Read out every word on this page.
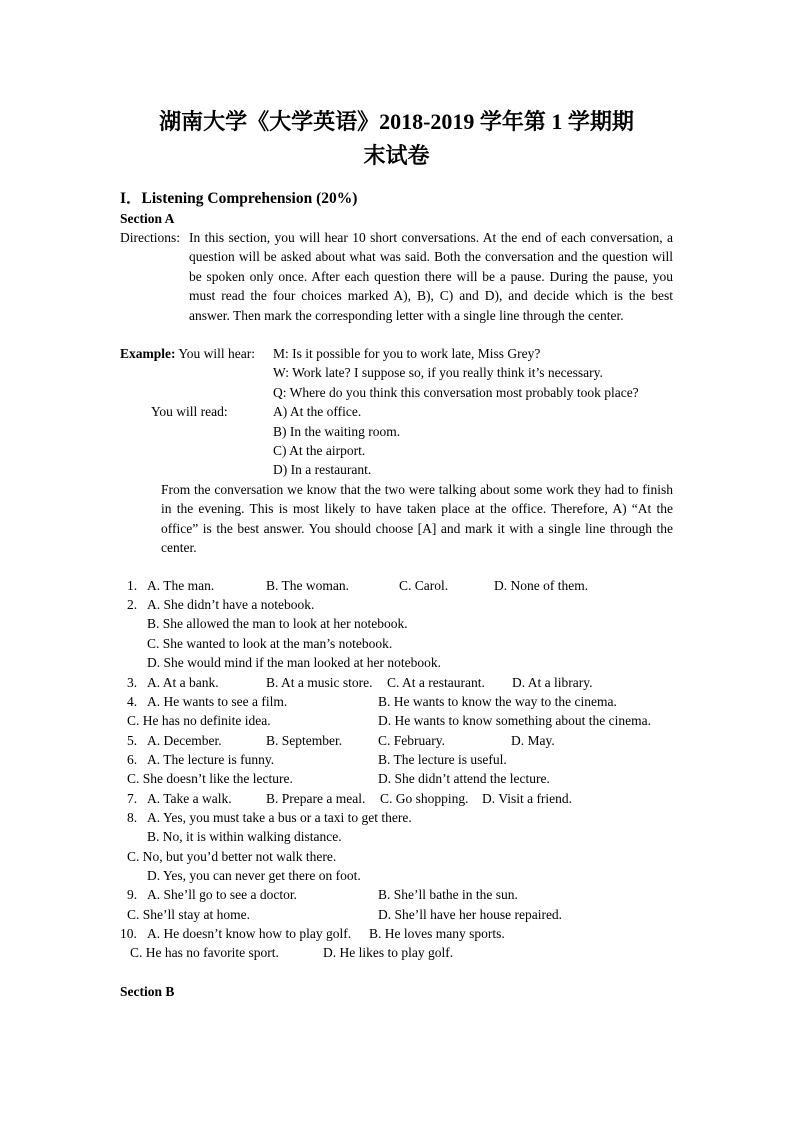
湖南大学《大学英语》2018-2019 学年第 1 学期期
末试卷
I．Listening Comprehension (20%)
Section A
Directions: In this section, you will hear 10 short conversations. At the end of each conversation, a question will be asked about what was said. Both the conversation and the question will be spoken only once. After each question there will be a pause. During the pause, you must read the four choices marked A), B), C) and D), and decide which is the best answer. Then mark the corresponding letter with a single line through the center.
Example: You will hear: M: Is it possible for you to work late, Miss Grey?
W: Work late? I suppose so, if you really think it’s necessary.
Q: Where do you think this conversation most probably took place?
You will read:	A) At the office.
B) In the waiting room.
C) At the airport.
D) In a restaurant.
From the conversation we know that the two were talking about some work they had to finish in the evening. This is most likely to have taken place at the office. Therefore, A) “At the office” is the best answer. You should choose [A] and mark it with a single line through the center.
1. A. The man.	B. The woman.	C. Carol.	D. None of them.
2. A. She didn’t have a notebook.
B. She allowed the man to look at her notebook.
C. She wanted to look at the man’s notebook.
D. She would mind if the man looked at her notebook.
3. A. At a bank.	B. At a music store. C. At a restaurant. D. At a library.
4. A. He wants to see a film.	B. He wants to know the way to the cinema.
C. He has no definite idea.	D. He wants to know something about the cinema.
5. A. December.	B. September.	C. February.	D. May.
6. A. The lecture is funny.	B. The lecture is useful.
C. She doesn’t like the lecture.	D. She didn’t attend the lecture.
7. A. Take a walk.	B. Prepare a meal. C. Go shopping. D. Visit a friend.
8. A. Yes, you must take a bus or a taxi to get there.
B. No, it is within walking distance.
C. No, but you’d better not walk there.
D. Yes, you can never get there on foot.
9. A. She’ll go to see a doctor.	B. She’ll bathe in the sun.
C. She’ll stay at home.	D. She’ll have her house repaired.
10. A. He doesn’t know how to play golf. B. He loves many sports.
C. He has no favorite sport.	D. He likes to play golf.
Section B
